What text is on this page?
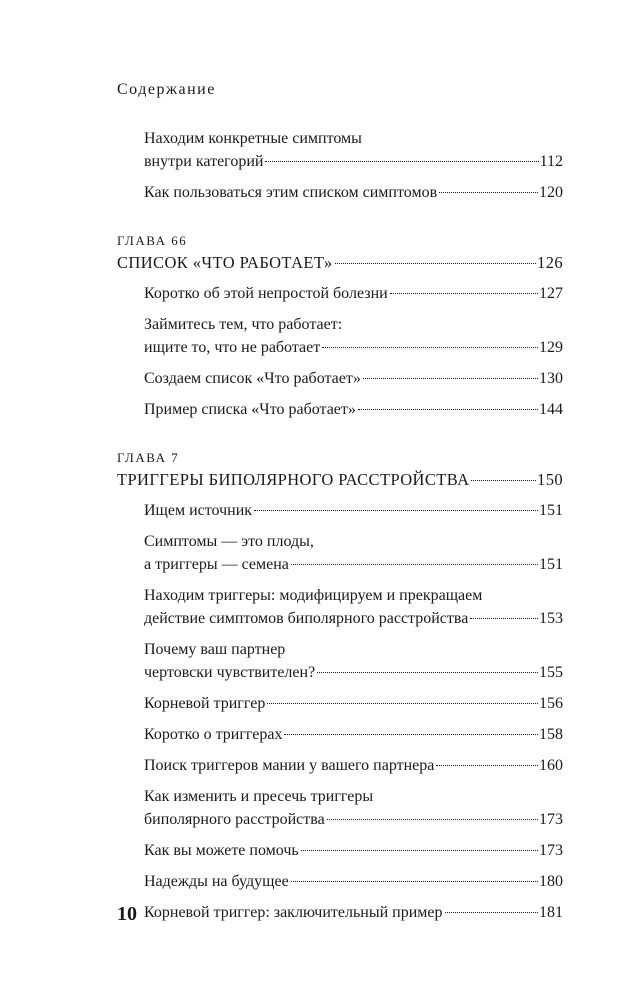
Содержание
Находим конкретные симптомы
внутри категорий	112
Как пользоваться этим списком симптомов	120
ГЛАВА 66
СПИСОК «ЧТО РАБОТАЕТ»	126
Коротко об этой непростой болезни	127
Займитесь тем, что работает:
ищите то, что не работает	129
Создаем список «Что работает»	130
Пример списка «Что работает»	144
ГЛАВА 7
ТРИГГЕРЫ БИПОЛЯРНОГО РАССТРОЙСТВА	150
Ищем источник	151
Симптомы — это плоды,
а триггеры — семена	151
Находим триггеры: модифицируем и прекращаем
действие симптомов биполярного расстройства	153
Почему ваш партнер
чертовски чувствителен?	155
Корневой триггер	156
Коротко о триггерах	158
Поиск триггеров мании у вашего партнера	160
Как изменить и пресечь триггеры
биполярного расстройства	173
Как вы можете помочь	173
Надежды на будущее	180
Корневой триггер: заключительный пример	181
10
